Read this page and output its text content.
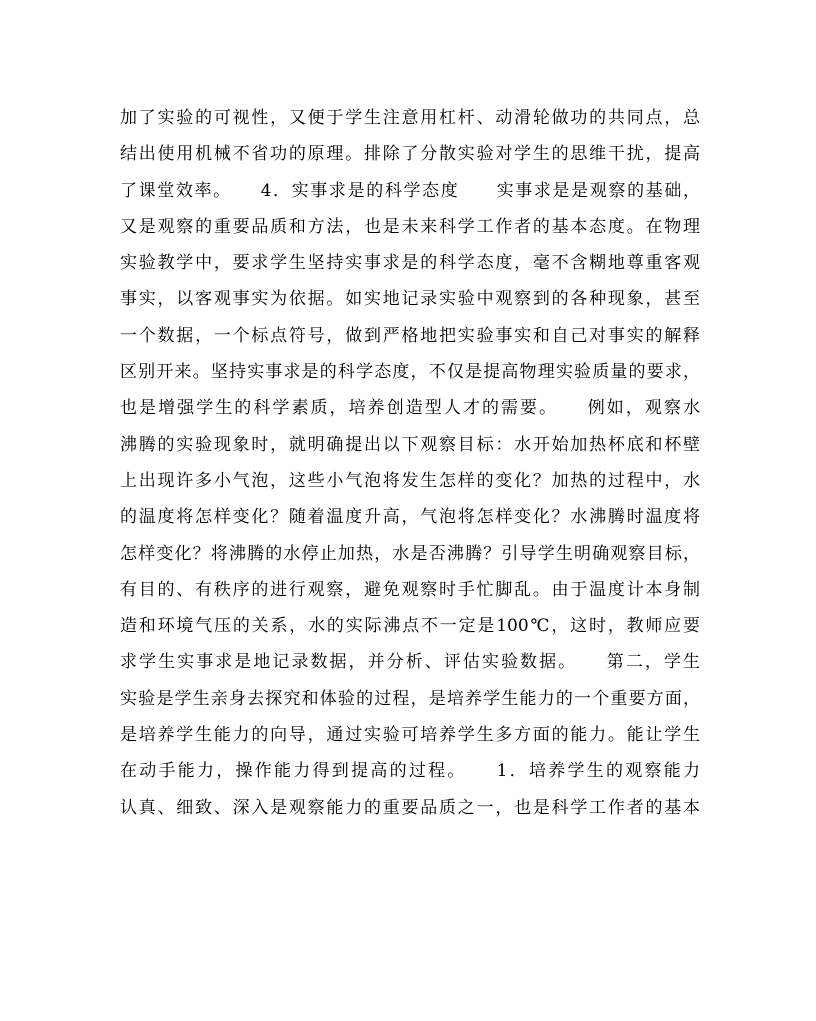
加了实验的可视性，又便于学生注意用杠杆、动滑轮做功的共同点，总
结出使用机械不省功的原理。排除了分散实验对学生的思维干扰，提高
了课堂效率。　　4．实事求是的科学态度　　实事求是是观察的基础，
又是观察的重要品质和方法，也是未来科学工作者的基本态度。在物理
实验教学中，要求学生坚持实事求是的科学态度，毫不含糊地尊重客观
事实，以客观事实为依据。如实地记录实验中观察到的各种现象，甚至
一个数据，一个标点符号，做到严格地把实验事实和自己对事实的解释
区别开来。坚持实事求是的科学态度，不仅是提高物理实验质量的要求，
也是增强学生的科学素质，培养创造型人才的需要。　　例如，观察水
沸腾的实验现象时，就明确提出以下观察目标：水开始加热杯底和杯壁
上出现许多小气泡，这些小气泡将发生怎样的变化？加热的过程中，水
的温度将怎样变化？随着温度升高，气泡将怎样变化？水沸腾时温度将
怎样变化？将沸腾的水停止加热，水是否沸腾？引导学生明确观察目标，
有目的、有秩序的进行观察，避免观察时手忙脚乱。由于温度计本身制
造和环境气压的关系，水的实际沸点不一定是100℃，这时，教师应要
求学生实事求是地记录数据，并分析、评估实验数据。　　第二，学生
实验是学生亲身去探究和体验的过程，是培养学生能力的一个重要方面，
是培养学生能力的向导，通过实验可培养学生多方面的能力。能让学生
在动手能力，操作能力得到提高的过程。　　1．培养学生的观察能力
认真、细致、深入是观察能力的重要品质之一，也是科学工作者的基本
